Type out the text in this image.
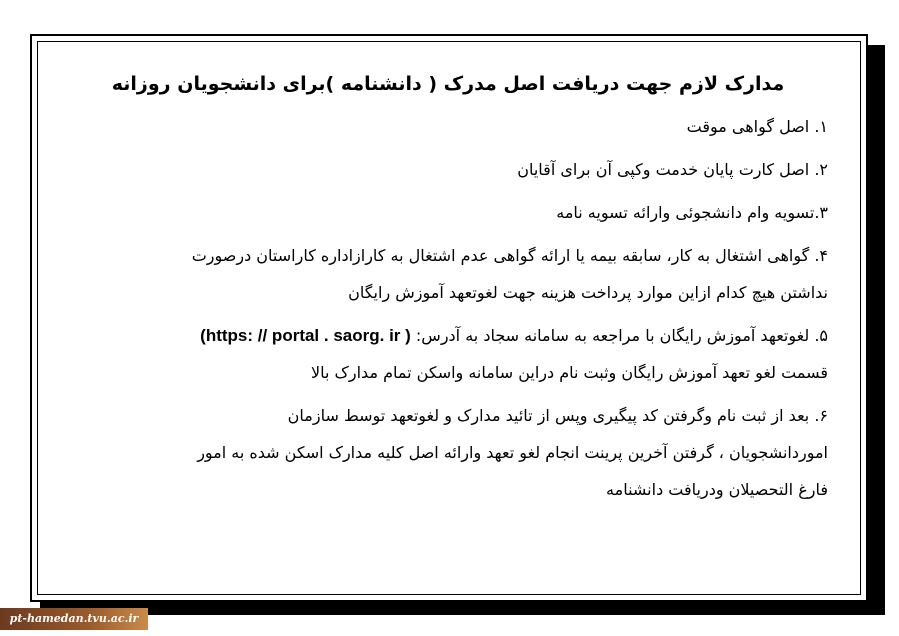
مدارک لازم جهت دریافت اصل مدرک ( دانشنامه )برای دانشجویان روزانه

۱. اصل گواهی موقت

۲. اصل کارت پایان خدمت وکپی آن برای آقایان

۳.تسویه وام دانشجوئی وارائه تسویه نامه

۴. گواهی اشتغال به کار، سابقه بیمه یا ارائه گواهی عدم اشتغال به کارازاداره کاراستان درصورت
نداشتن هیچ کدام ازاین موارد پرداخت هزینه جهت لغوتعهد آموزش رایگان

۵. لغوتعهد آموزش رایگان با مراجعه به سامانه سجاد به آدرس: (https: // portal . saorg. ir )
قسمت لغو تعهد آموزش رایگان وثبت نام دراین سامانه واسکن تمام مدارک بالا

۶. بعد از ثبت نام وگرفتن کد پیگیری وپس از تائید مدارک و لغوتعهد توسط سازمان
اموردانشجویان ، گرفتن آخرین پرینت انجام لغو تعهد وارائه اصل کلیه مدارک اسکن شده به امور
فارغ التحصیلان ودریافت دانشنامه

pt-hamedan.tvu.ac.ir
